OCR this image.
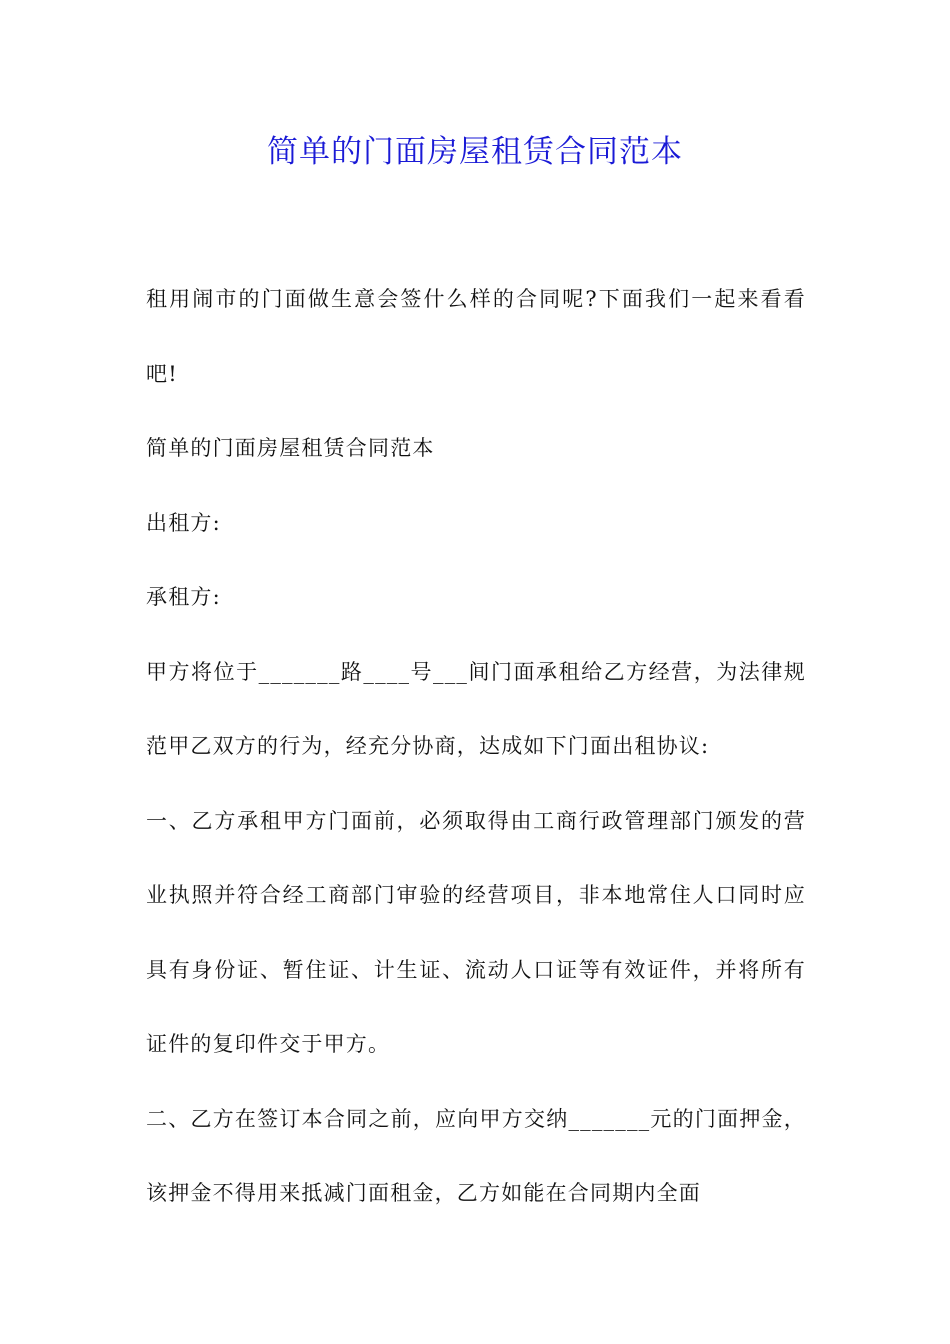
简单的门面房屋租赁合同范本

租用闹市的门面做生意会签什么样的合同呢?下面我们一起来看看吧!

简单的门面房屋租赁合同范本

出租方:

承租方:

甲方将位于_______路____号___间门面承租给乙方经营，为法律规范甲乙双方的行为，经充分协商，达成如下门面出租协议:

一、乙方承租甲方门面前，必须取得由工商行政管理部门颁发的营业执照并符合经工商部门审验的经营项目，非本地常住人口同时应具有身份证、暂住证、计生证、流动人口证等有效证件，并将所有证件的复印件交于甲方。

二、乙方在签订本合同之前，应向甲方交纳_______元的门面押金，该押金不得用来抵减门面租金，乙方如能在合同期内全面
